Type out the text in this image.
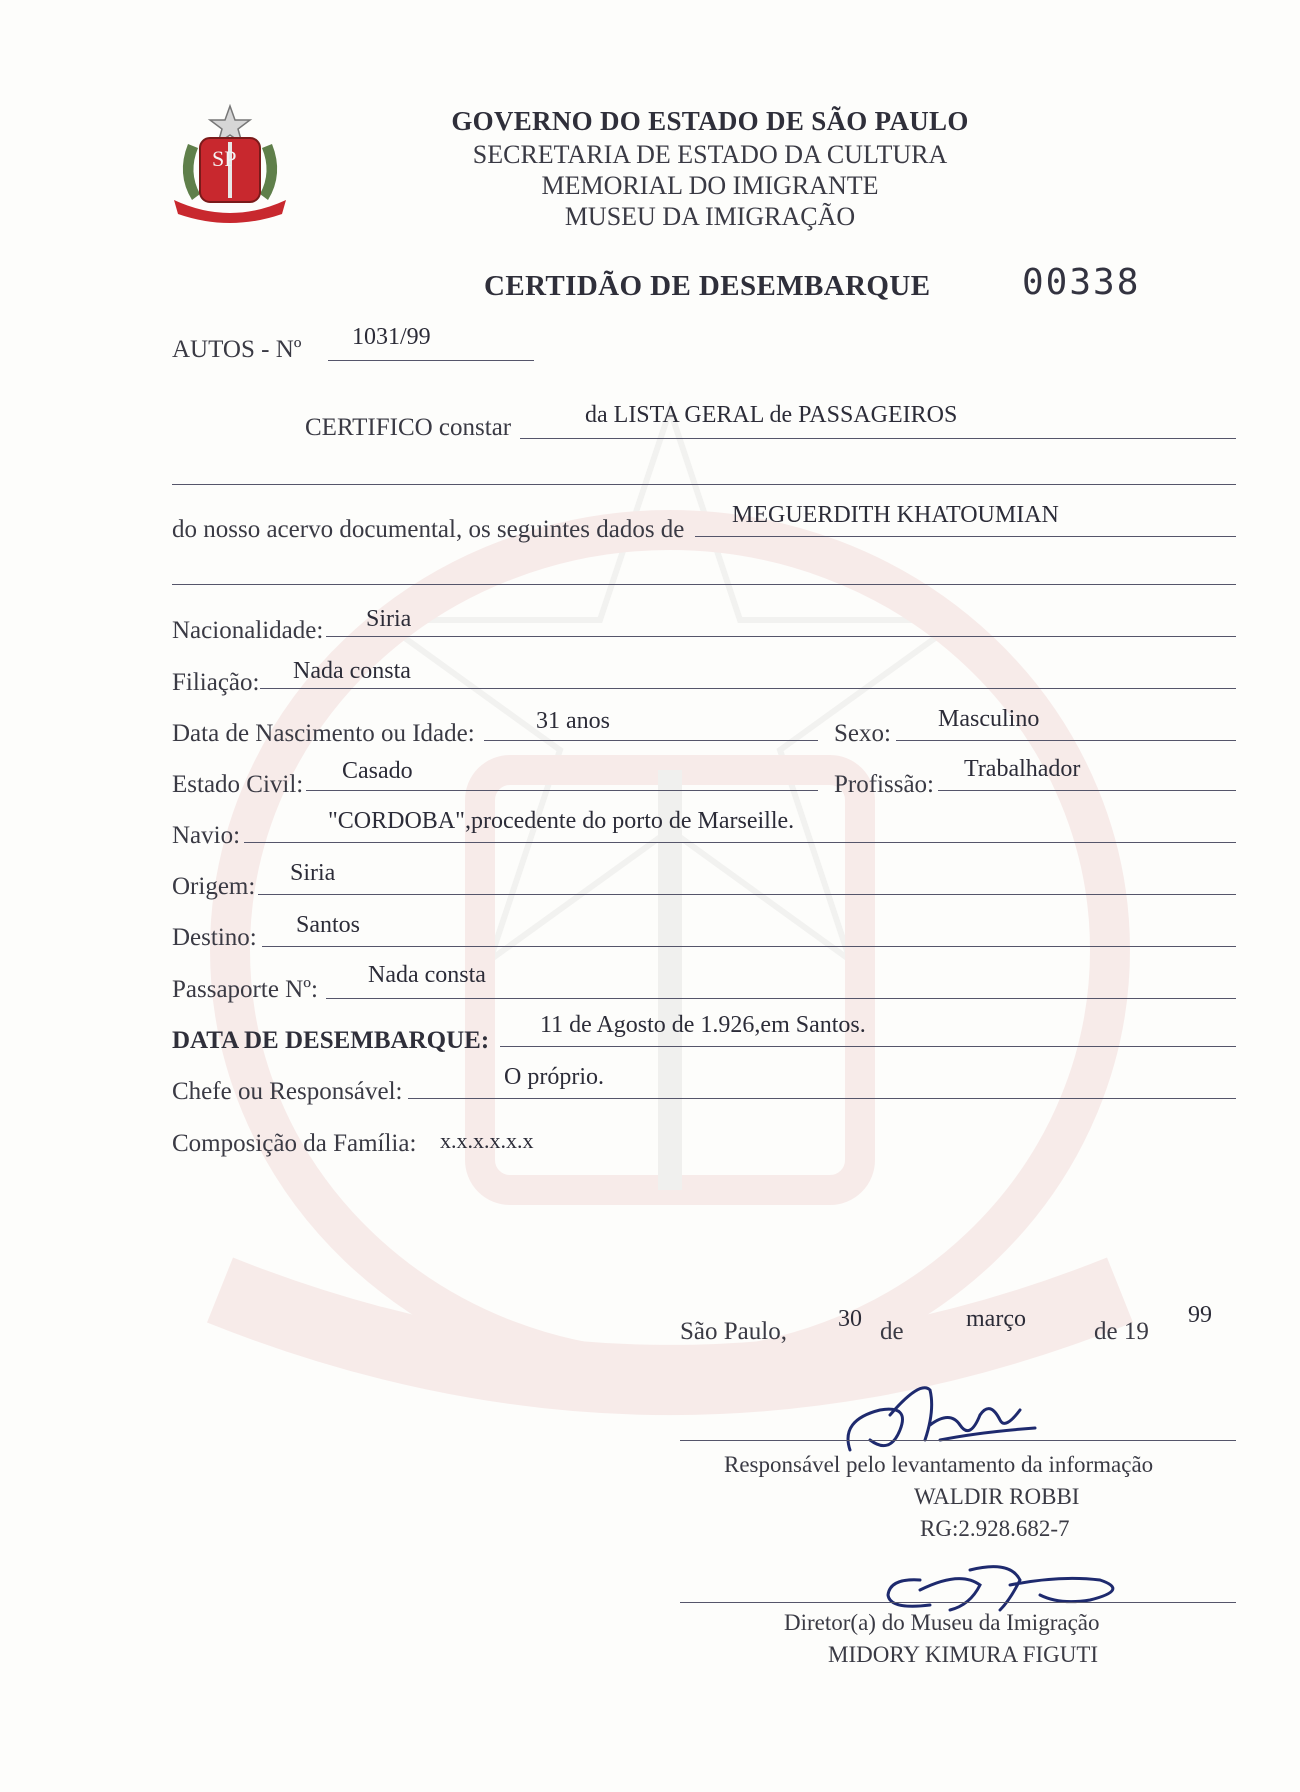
SP
GOVERNO DO ESTADO DE SÃO PAULO
SECRETARIA DE ESTADO DA CULTURA
MEMORIAL DO IMIGRANTE
MUSEU DA IMIGRAÇÃO
CERTIDÃO DE DESEMBARQUE	00338
AUTOS - Nº 1031/99
CERTIFICO constar	da LISTA GERAL de PASSAGEIROS
do nosso acervo documental, os seguintes dados de
MEGUERDITH KHATOUMIAN
Nacionalidade: Siria
Filiação: Nada consta
Data de Nascimento ou Idade:	31 anos	Sexo:
Masculino
Estado Civil: Casado	Profissão:
Trabalhador
Navio:
"CORDOBA",procedente do porto de Marseille.
Origem: Siria
Destino: Santos
Passaporte Nº:
Nada consta
DATA DE DESEMBARQUE:
11 de Agosto de 1.926,em Santos.
Chefe ou Responsável:
O próprio.
Composição da Família: x.x.x.x.x.x
São Paulo, 30 de	março	de 19
99
Responsável pelo levantamento da informação
WALDIR ROBBI
RG:2.928.682-7
Diretor(a) do Museu da Imigração
MIDORY KIMURA FIGUTI
